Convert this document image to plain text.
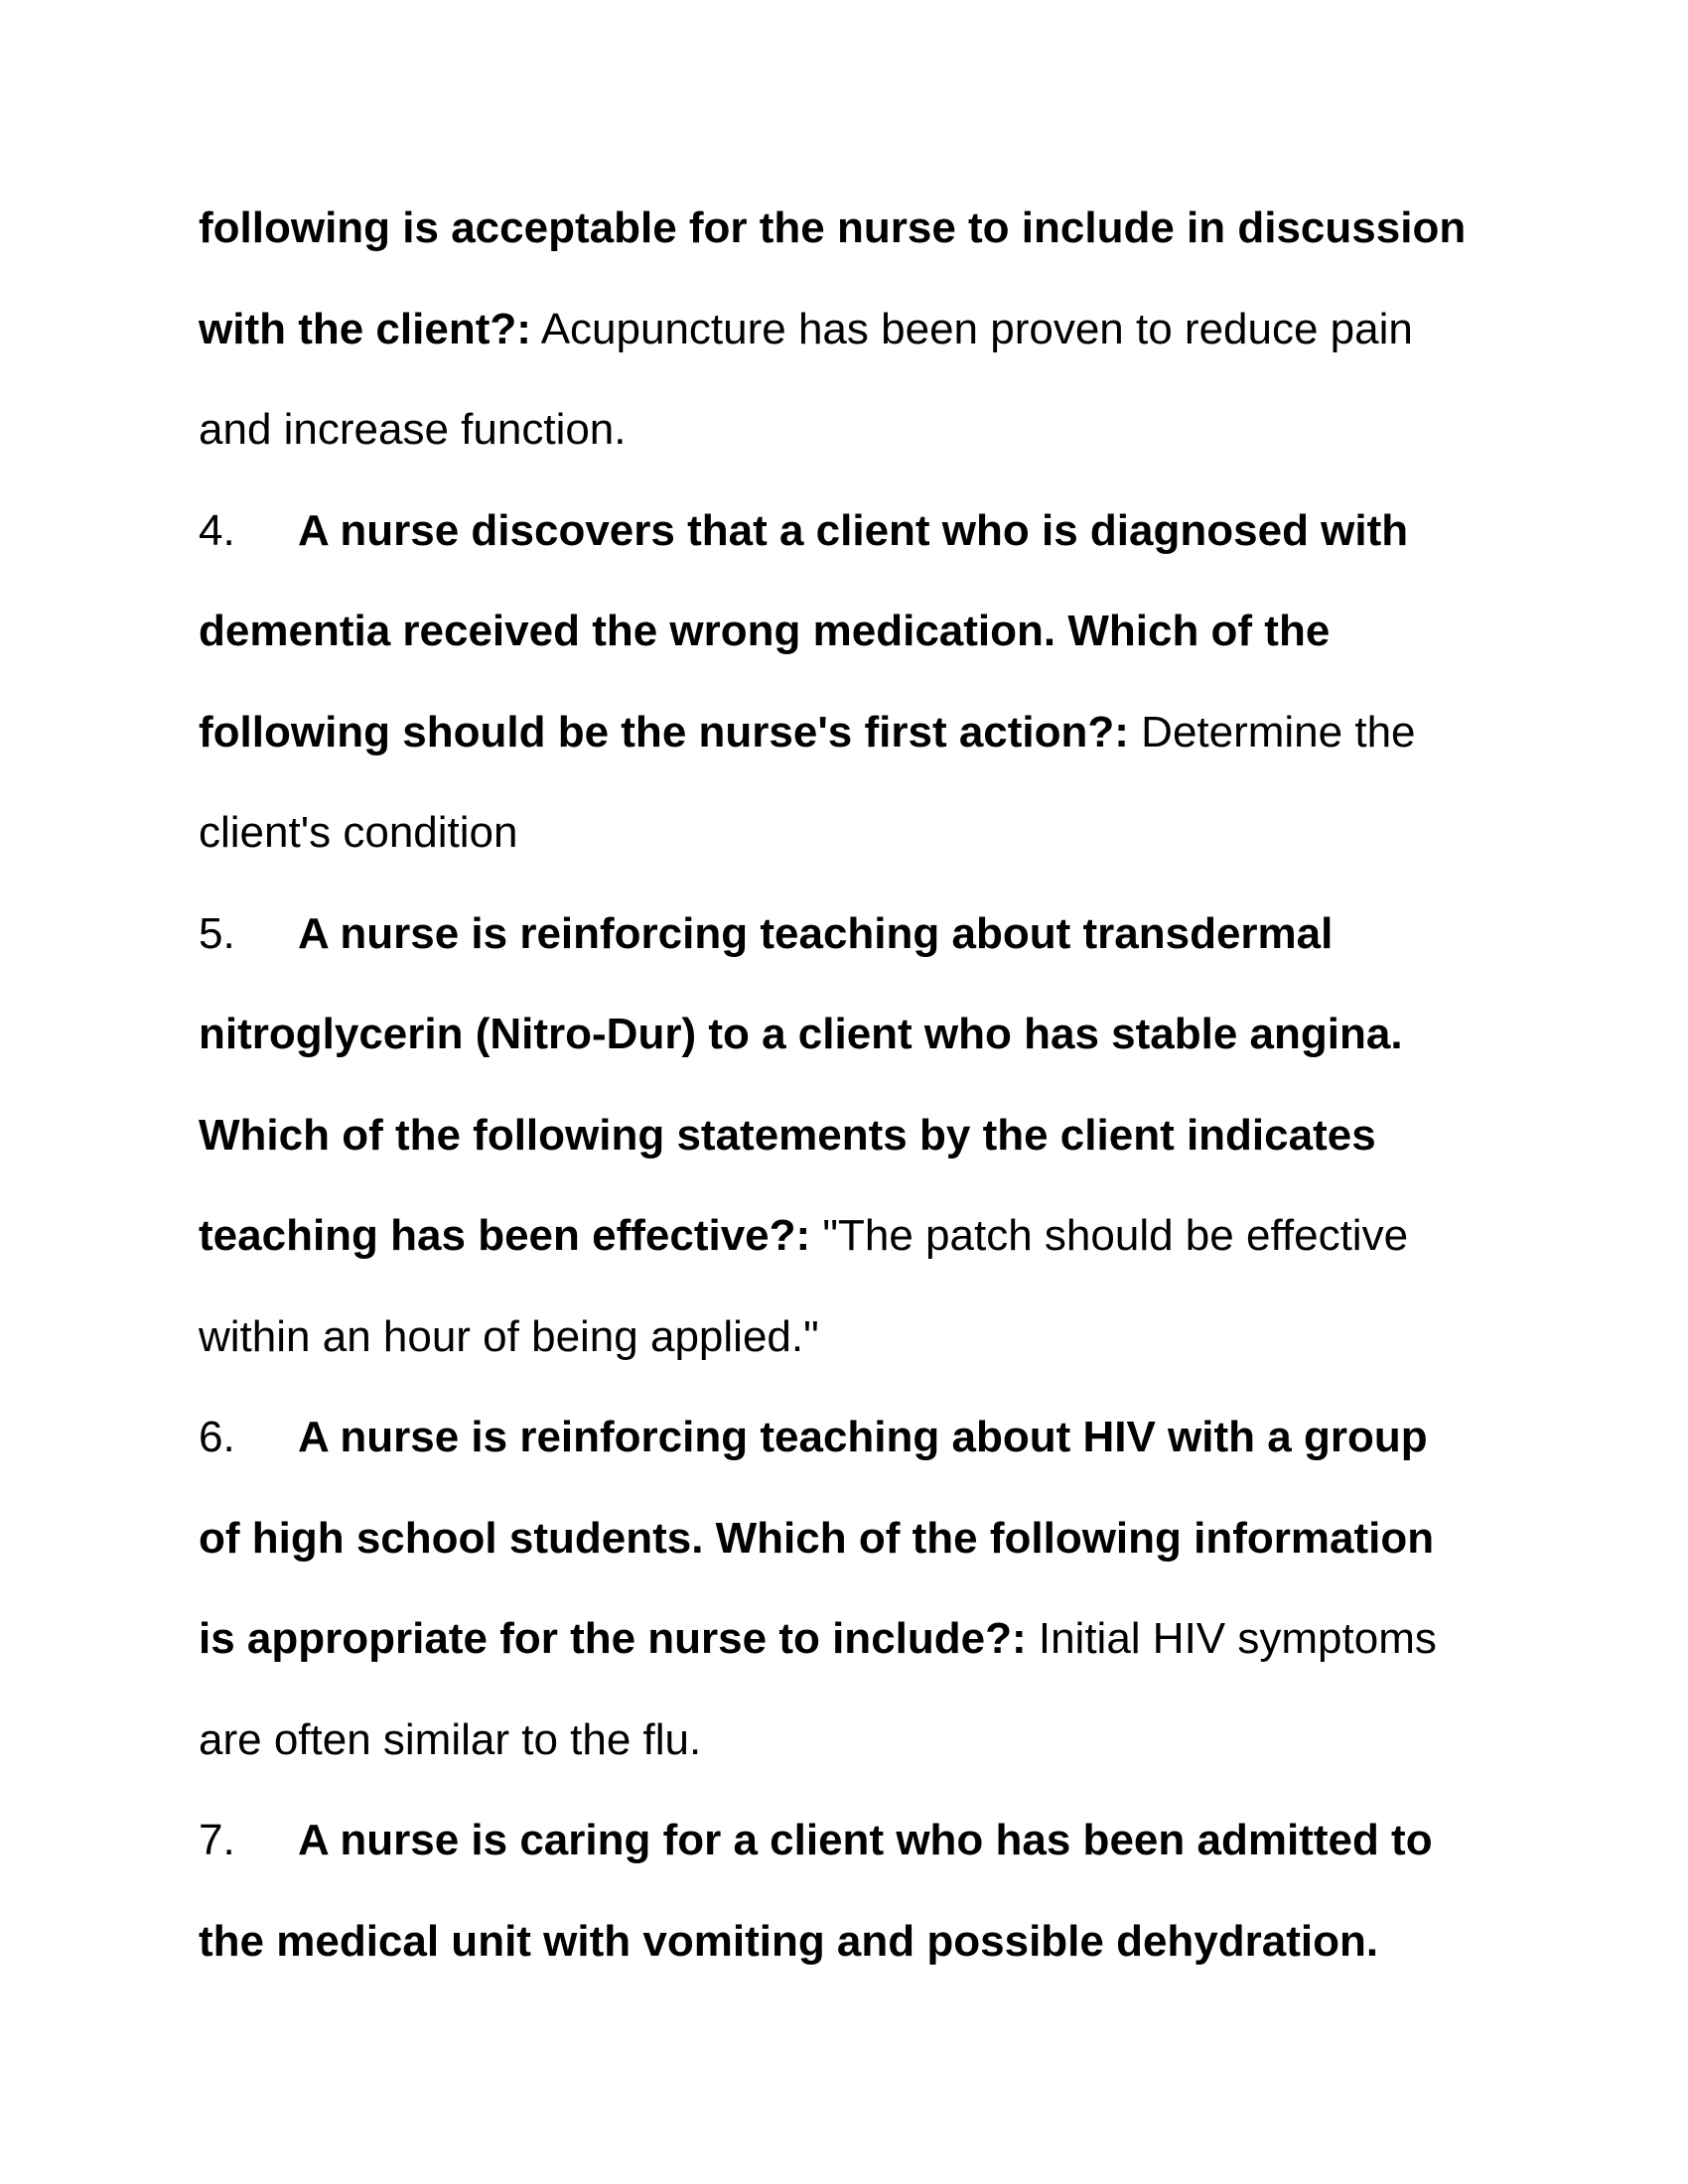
following is acceptable for the nurse to include in discussion
with the client?: Acupuncture has been proven to reduce pain
and increase function.
4. A nurse discovers that a client who is diagnosed with
dementia received the wrong medication. Which of the
following should be the nurse's first action?: Determine the
client's condition
5. A nurse is reinforcing teaching about transdermal
nitroglycerin (Nitro-Dur) to a client who has stable angina.
Which of the following statements by the client indicates
teaching has been effective?: "The patch should be effective
within an hour of being applied."
6. A nurse is reinforcing teaching about HIV with a group
of high school students. Which of the following information
is appropriate for the nurse to include?: Initial HIV symptoms
are often similar to the flu.
7. A nurse is caring for a client who has been admitted to
the medical unit with vomiting and possible dehydration.
